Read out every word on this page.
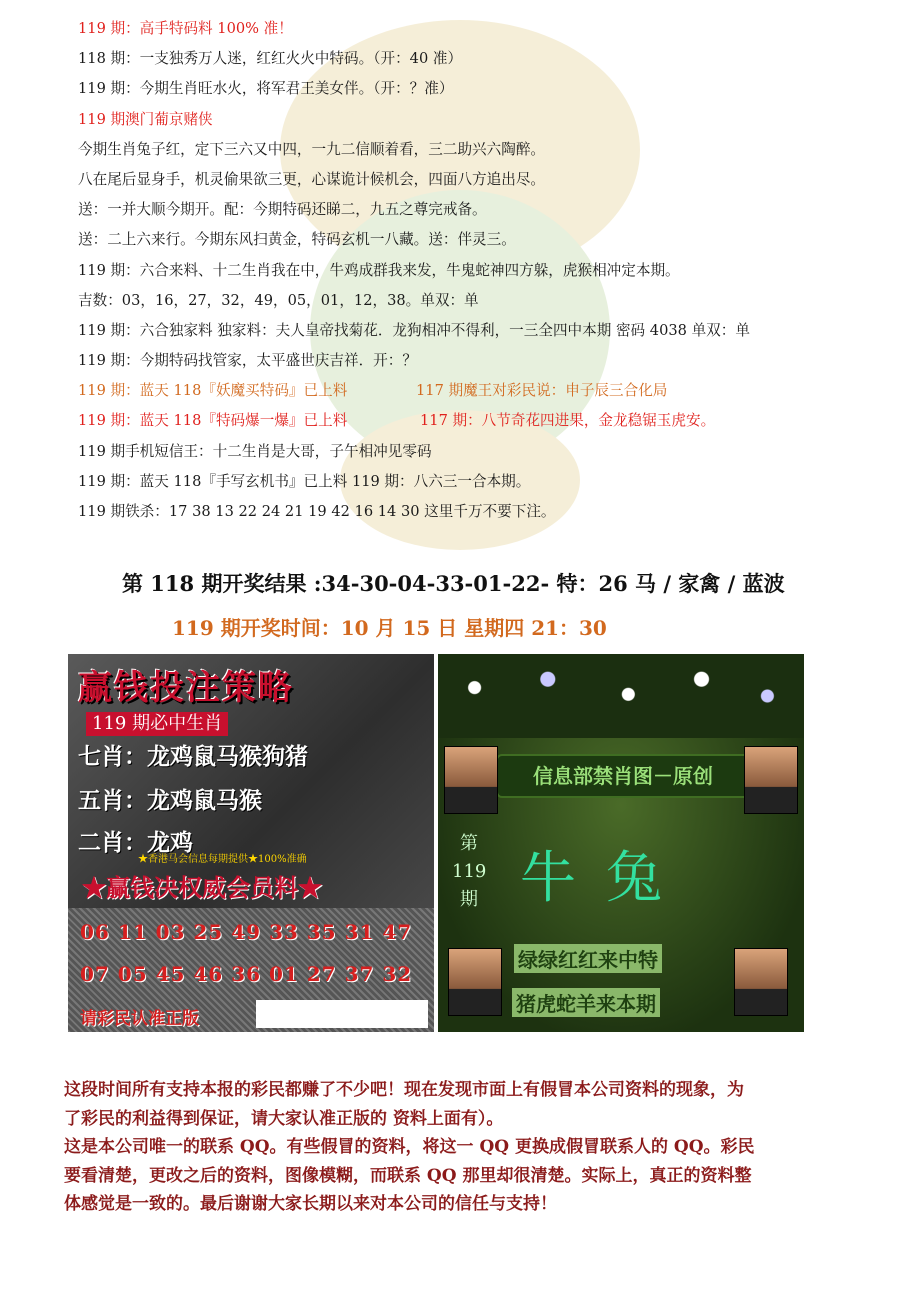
119 期：高手特码料 100% 准！
118 期：一支独秀万人迷，红红火火中特码。（开：40 准）
119 期：今期生肖旺水火，将军君王美女伴。（开：？准）
119 期澳门葡京赌侠
今期生肖兔子红，定下三六又中四，一九二信顺着看，三二助兴六陶醉。
八在尾后显身手，机灵偷果欲三更，心谋诡计候机会，四面八方追出尽。
送：一并大顺今期开。配：今期特码还睇二，九五之尊完戒备。
送：二上六来行。今期东风扫黄金，特码玄机一八藏。送：伴灵三。
119 期：六合来料、十二生肖我在中，牛鸡成群我来发，牛鬼蛇神四方躲，虎猴相冲定本期。
吉数：03，16，27，32，49，05，01，12，38。单双：单
119 期：六合独家料 独家料：夫人皇帝找菊花．龙狗相冲不得利，一三全四中本期 密码 4038 单双：单
119 期：今期特码找管家，太平盛世庆吉祥．开：？
119 期：蓝天 118『妖魔买特码』已上料	117 期魔王对彩民说：申子辰三合化局
119 期：蓝天 118『特码爆一爆』已上料	117 期：八节奇花四进果，金龙稳锯玉虎安。
119 期手机短信王：十二生肖是大哥，子午相冲见零码
119 期：蓝天 118『手写玄机书』已上料 119 期：八六三一合本期。
119 期铁杀：17 38 13 22 24 21 19 42 16 14 30 这里千万不要下注。
第 118 期开奖结果 :34-30-04-33-01-22- 特：26 马 / 家禽 / 蓝波
119 期开奖时间：10 月 15 日 星期四 21：30
赢钱投注策略
119 期必中生肖
七肖：龙鸡鼠马猴狗猪
五肖：龙鸡鼠马猴
二肖：龙鸡
★香港马会信息每期提供★100%准确
★赢钱决权威会员料★
06 11 03 25 49 33 35 31 47
07 05 45 46 36 01 27 37 32
请彩民认准正版
信息部禁肖图－原创
第
119
期 牛兔
绿绿红红来中特
猪虎蛇羊来本期
这段时间所有支持本报的彩民都赚了不少吧！现在发现市面上有假冒本公司资料的现象，为
了彩民的利益得到保证，请大家认准正版的 资料上面有）。
这是本公司唯一的联系 QQ。有些假冒的资料，将这一 QQ 更换成假冒联系人的 QQ。彩民
要看清楚，更改之后的资料，图像模糊，而联系 QQ 那里却很清楚。实际上，真正的资料整
体感觉是一致的。最后谢谢大家长期以来对本公司的信任与支持！
